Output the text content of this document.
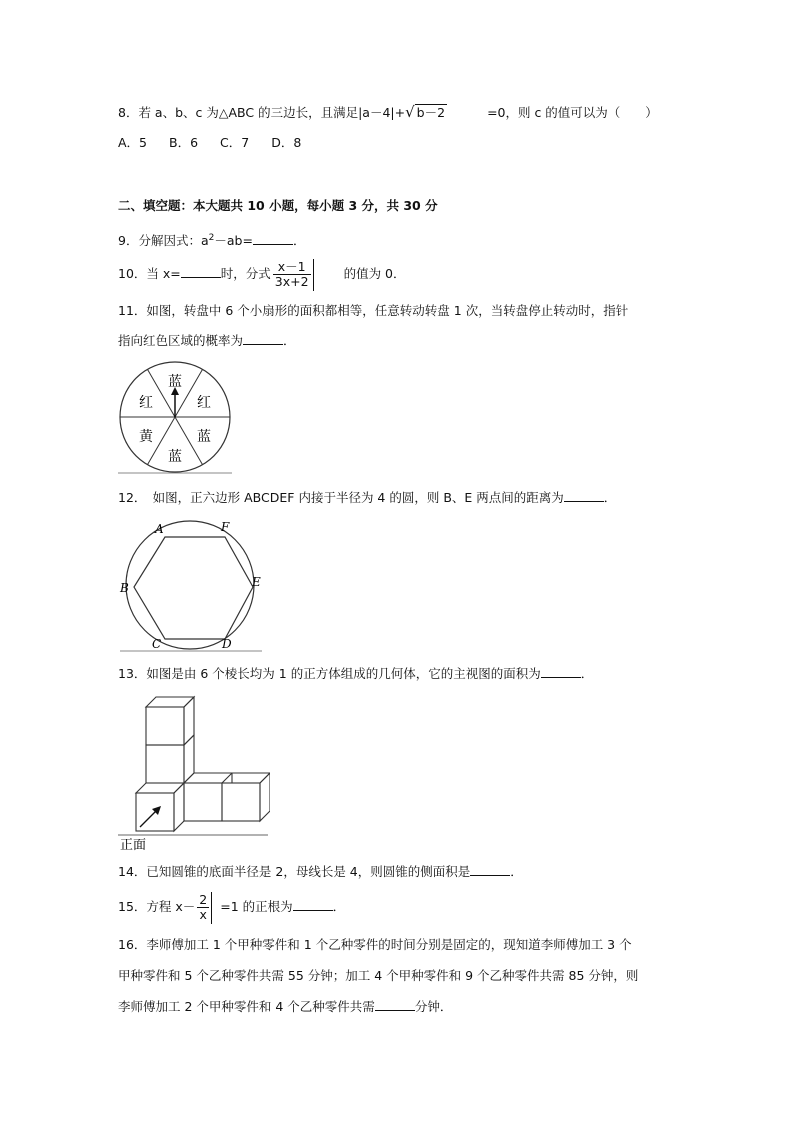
8．若 a、b、c 为△ABC 的三边长，且满足|a－4|+√ b－2	=0，则 c 的值可以为（　　）
A．5 B．6 C．7 D．8
二、填空题：本大题共 10 小题，每小题 3 分，共 30 分
9．分解因式：$a^2-ab=$	．
10．当 x=	时，分式 $\frac{x-1}{3x+2}$	的值为 0．
11．如图，转盘中 6 个小扇形的面积都相等，任意转动转盘 1 次，当转盘停止转动时，指针
指向红色区域的概率为	．
蓝
红
蓝
蓝
黄
红
12．　如图，正六边形 ABCDEF 内接于半径为 4 的圆，则 B、E 两点间的距离为	．
A	F
E
D
C
B
13．如图是由 6 个棱长均为 1 的正方体组成的几何体，它的主视图的面积为	．
正面
14．已知圆锥的底面半径是 2，母线长是 4，则圆锥的侧面积是	．
15．方程 $x- \frac{2}{x} =1$ 的正根为	．
16．李师傅加工 1 个甲种零件和 1 个乙种零件的时间分别是固定的，现知道李师傅加工 3 个
甲种零件和 5 个乙种零件共需 55 分钟；加工 4 个甲种零件和 9 个乙种零件共需 85 分钟，则
李师傅加工 2 个甲种零件和 4 个乙种零件共需	分钟．
